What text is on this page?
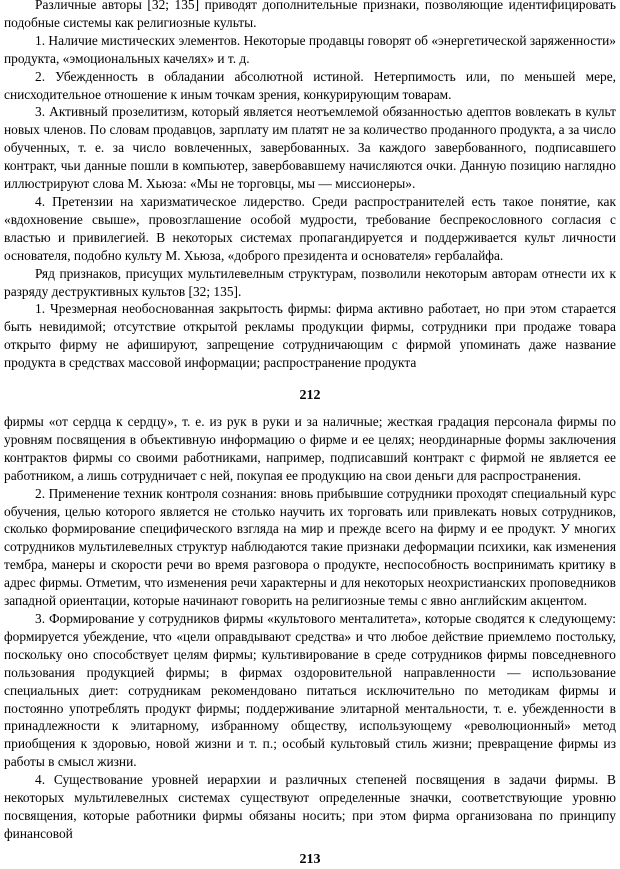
Различные авторы [32; 135] приводят дополнительные признаки, позволяющие идентифицировать подобные системы как религиозные культы.

1. Наличие мистических элементов. Некоторые продавцы говорят об «энергетической заряженности» продукта, «эмоциональных качелях» и т. д.

2. Убежденность в обладании абсолютной истиной. Нетерпимость или, по меньшей мере, снисходительное отношение к иным точкам зрения, конкурирующим товарам.

3. Активный прозелитизм, который является неотъемлемой обязанностью адептов вовлекать в культ новых членов. По словам продавцов, зарплату им платят не за количество проданного продукта, а за число обученных, т. е. за число вовлеченных, завербованных. За каждого завербованного, подписавшего контракт, чьи данные пошли в компьютер, завербовавшему начисляются очки. Данную позицию наглядно иллюстрируют слова М. Хьюза: «Мы не торговцы, мы — миссионеры».

4. Претензии на харизматическое лидерство. Среди распространителей есть такое понятие, как «вдохновение свыше», провозглашение особой мудрости, требование беспрекословного согласия с властью и привилегией. В некоторых системах пропагандируется и поддерживается культ личности основателя, подобно культу М. Хьюза, «доброго президента и основателя» гербалайфа.

Ряд признаков, присущих мультилевелным структурам, позволили некоторым авторам отнести их к разряду деструктивных культов [32; 135].

1. Чрезмерная необоснованная закрытость фирмы: фирма активно работает, но при этом старается быть невидимой; отсутствие открытой рекламы продукции фирмы, сотрудники при продаже товара открыто фирму не афишируют, запрещение сотрудничающим с фирмой упоминать даже название продукта в средствах массовой информации; распространение продукта

212

фирмы «от сердца к сердцу», т. е. из рук в руки и за наличные; жесткая градация персонала фирмы по уровням посвящения в объективную информацию о фирме и ее целях; неординарные формы заключения контрактов фирмы со своими работниками, например, подписавший контракт с фирмой не является ее работником, а лишь сотрудничает с ней, покупая ее продукцию на свои деньги для распространения.

2. Применение техник контроля сознания: вновь прибывшие сотрудники проходят специальный курс обучения, целью которого является не столько научить их торговать или привлекать новых сотрудников, сколько формирование специфического взгляда на мир и прежде всего на фирму и ее продукт. У многих сотрудников мультилевелных структур наблюдаются такие признаки деформации психики, как изменения тембра, манеры и скорости речи во время разговора о продукте, неспособность воспринимать критику в адрес фирмы. Отметим, что изменения речи характерны и для некоторых неохристианских проповедников западной ориентации, которые начинают говорить на религиозные темы с явно английским акцентом.

3. Формирование у сотрудников фирмы «культового менталитета», которые сводятся к следующему: формируется убеждение, что «цели оправдывают средства» и что любое действие приемлемо постольку, поскольку оно способствует целям фирмы; культивирование в среде сотрудников фирмы повседневного пользования продукцией фирмы; в фирмах оздоровительной направленности — использование специальных диет: сотрудникам рекомендовано питаться исключительно по методикам фирмы и постоянно употреблять продукт фирмы; поддерживание элитарной ментальности, т. е. убежденности в принадлежности к элитарному, избранному обществу, использующему «революционный» метод приобщения к здоровью, новой жизни и т. п.; особый культовый стиль жизни; превращение фирмы из работы в смысл жизни.

4. Существование уровней иерархии и различных степеней посвящения в задачи фирмы. В некоторых мультилевелных системах существуют определенные значки, соответствующие уровню посвящения, которые работники фирмы обязаны носить; при этом фирма организована по принципу финансовой

213
